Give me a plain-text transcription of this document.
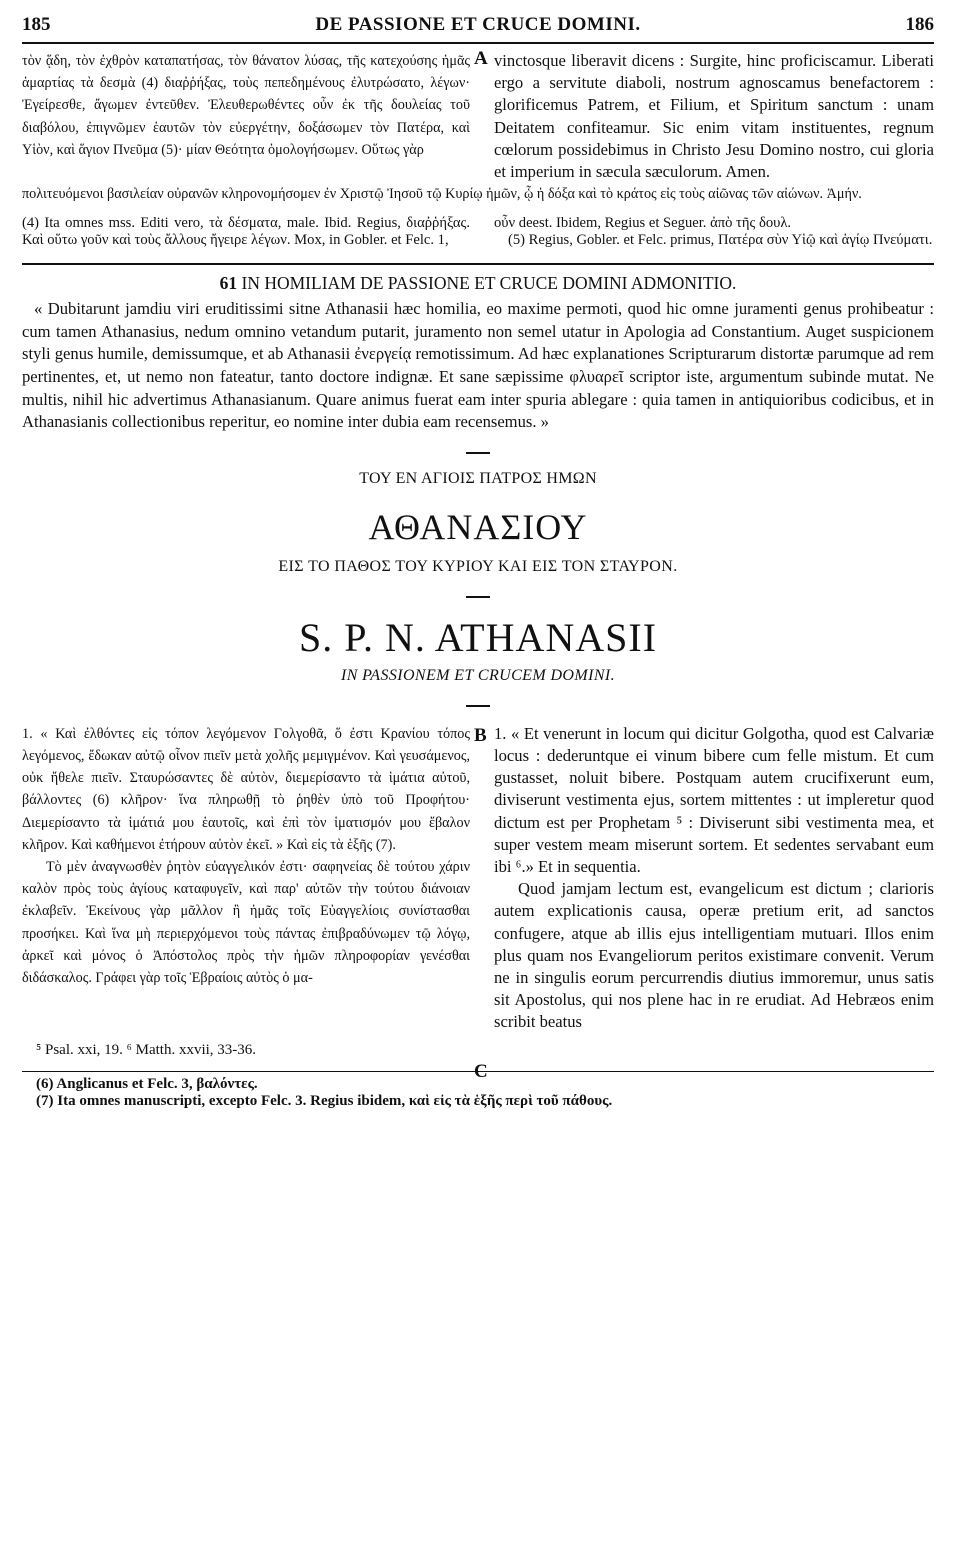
185	DE PASSIONE ET CRUCE DOMINI.	186

τὸν ᾅδη, τὸν ἐχθρὸν καταπατήσας, τὸν θάνατον λύσας, τῆς κατεχούσης ἡμᾶς ἁμαρτίας τὰ δεσμὰ (4) διαῤῥήξας, τοὺς πεπεδημένους ἐλυτρώσατο, λέγων· Ἐγείρεσθε, ἄγωμεν ἐντεῦθεν. Ἐλευθερωθέντες οὖν ἐκ τῆς δουλείας τοῦ διαβόλου, ἐπιγνῶμεν ἑαυτῶν τὸν εὐεργέτην, δοξάσωμεν τὸν Πατέρα, καὶ Υἱὸν, καὶ ἅγιον Πνεῦμα (5)· μίαν Θεότητα ὁμολογήσωμεν. Οὕτως γὰρ

vinctosque liberavit dicens : Surgite, hinc proficiscamur. Liberati ergo a servitute diaboli, nostrum agnoscamus benefactorem : glorificemus Patrem, et Filium, et Spiritum sanctum : unam Deitatem confiteamur. Sic enim vitam instituentes, regnum cœlorum possidebimus in Christo Jesu Domino nostro, cui gloria et imperium in sæcula sæculorum. Amen.

A

πολιτευόμενοι βασιλείαν οὐρανῶν κληρονομήσομεν ἐν Χριστῷ Ἰησοῦ τῷ Κυρίῳ ἡμῶν, ᾧ ἡ δόξα καὶ τὸ κράτος εἰς τοὺς αἰῶνας τῶν αἰώνων. Ἀμήν.

(4) Ita omnes mss. Editi vero, τὰ δέσματα, male. Ibid. Regius, διαῤῥήξας. Καὶ οὕτω γοῦν καὶ τοὺς ἄλλους ἤγειρε λέγων. Mox, in Gobler. et Felc. 1,

οὖν deest. Ibidem, Regius et Seguer. ἀπὸ τῆς δουλ.

(5) Regius, Gobler. et Felc. primus, Πατέρα σὺν Υἱῷ καὶ ἁγίῳ Πνεύματι.

61 IN HOMILIAM DE PASSIONE ET CRUCE DOMINI ADMONITIO.

« Dubitarunt jamdiu viri eruditissimi sitne Athanasii hæc homilia, eo maxime permoti, quod hic omne juramenti genus prohibeatur : cum tamen Athanasius, nedum omnino vetandum putarit, juramento non semel utatur in Apologia ad Constantium. Auget suspicionem styli genus humile, demissumque, et ab Athanasii ἐνεργείᾳ remotissimum. Ad hæc explanationes Scripturarum distortæ parumque ad rem pertinentes, et, ut nemo non fateatur, tanto doctore indignæ. Et sane sæpissime φλυαρεῖ scriptor iste, argumentum subinde mutat. Ne multis, nihil hic advertimus Athanasianum. Quare animus fuerat eam inter spuria ablegare : quia tamen in antiquioribus codicibus, et in Athanasianis collectionibus reperitur, eo nomine inter dubia eam recensemus. »

ΤΟΥ ΕΝ ΑΓΙΟΙΣ ΠΑΤΡΟΣ ΗΜΩΝ

ΑΘΑΝΑΣΙΟΥ

ΕΙΣ ΤΟ ΠΑΘΟΣ ΤΟΥ ΚΥΡΙΟΥ ΚΑΙ ΕΙΣ ΤΟΝ ΣΤΑΥΡΟΝ.

S. P. N. ATHANASII

IN PASSIONEM ET CRUCEM DOMINI.

1. « Καὶ ἐλθόντες εἰς τόπον λεγόμενον Γολγοθᾶ, ὅ ἐστι Κρανίου τόπος λεγόμενος, ἔδωκαν αὐτῷ οἶνον πιεῖν μετὰ χολῆς μεμιγμένον. Καὶ γευσάμενος, οὐκ ἤθελε πιεῖν. Σταυρώσαντες δὲ αὐτὸν, διεμερίσαντο τὰ ἱμάτια αὐτοῦ, βάλλοντες (6) κλῆρον· ἵνα πληρωθῇ τὸ ῥηθὲν ὑπὸ τοῦ Προφήτου· Διεμερίσαντο τὰ ἱμάτιά μου ἑαυτοῖς, καὶ ἐπὶ τὸν ἱματισμόν μου ἔβαλον κλῆρον. Καὶ καθήμενοι ἐτήρουν αὐτὸν ἐκεῖ. » Καὶ εἰς τὰ ἑξῆς (7).

Τὸ μὲν ἀναγνωσθὲν ῥητὸν εὐαγγελικόν ἐστι· σαφηνείας δὲ τούτου χάριν καλὸν πρὸς τοὺς ἁγίους καταφυγεῖν, καὶ παρ' αὐτῶν τὴν τούτου διάνοιαν ἐκλαβεῖν. Ἐκείνους γὰρ μᾶλλον ἢ ἡμᾶς τοῖς Εὐαγγελίοις συνίστασθαι προσήκει. Καὶ ἵνα μὴ περιερχόμενοι τοὺς πάντας ἐπιβραδύνωμεν τῷ λόγῳ, ἀρκεῖ καὶ μόνος ὁ Ἀπόστολος πρὸς τὴν ἡμῶν πληροφορίαν γενέσθαι διδάσκαλος. Γράφει γὰρ τοῖς Ἑβραίοις αὐτὸς ὁ μα-

1. « Et venerunt in locum qui dicitur Golgotha, quod est Calvariæ locus : dederuntque ei vinum bibere cum felle mistum. Et cum gustasset, noluit bibere. Postquam autem crucifixerunt eum, diviserunt vestimenta ejus, sortem mittentes : ut impleretur quod dictum est per Prophetam ⁵ : Diviserunt sibi vestimenta mea, et super vestem meam miserunt sortem. Et sedentes servabant eum ibi ⁶.» Et in sequentia.

Quod jamjam lectum est, evangelicum est dictum ; clarioris autem explicationis causa, operæ pretium erit, ad sanctos confugere, atque ab illis ejus intelligentiam mutuari. Illos enim plus quam nos Evangeliorum peritos existimare convenit. Verum ne in singulis eorum percurrendis diutius immoremur, unus satis sit Apostolus, qui nos plene hac in re erudiat. Ad Hebræos enim scribit beatus

B
C

⁵ Psal. xxi, 19. ⁶ Matth. xxvii, 33-36.

(6) Anglicanus et Felc. 3, βαλόντες.

(7) Ita omnes manuscripti, excepto Felc. 3. Regius ibidem, καὶ εἰς τὰ ἑξῆς περὶ τοῦ πάθους.
